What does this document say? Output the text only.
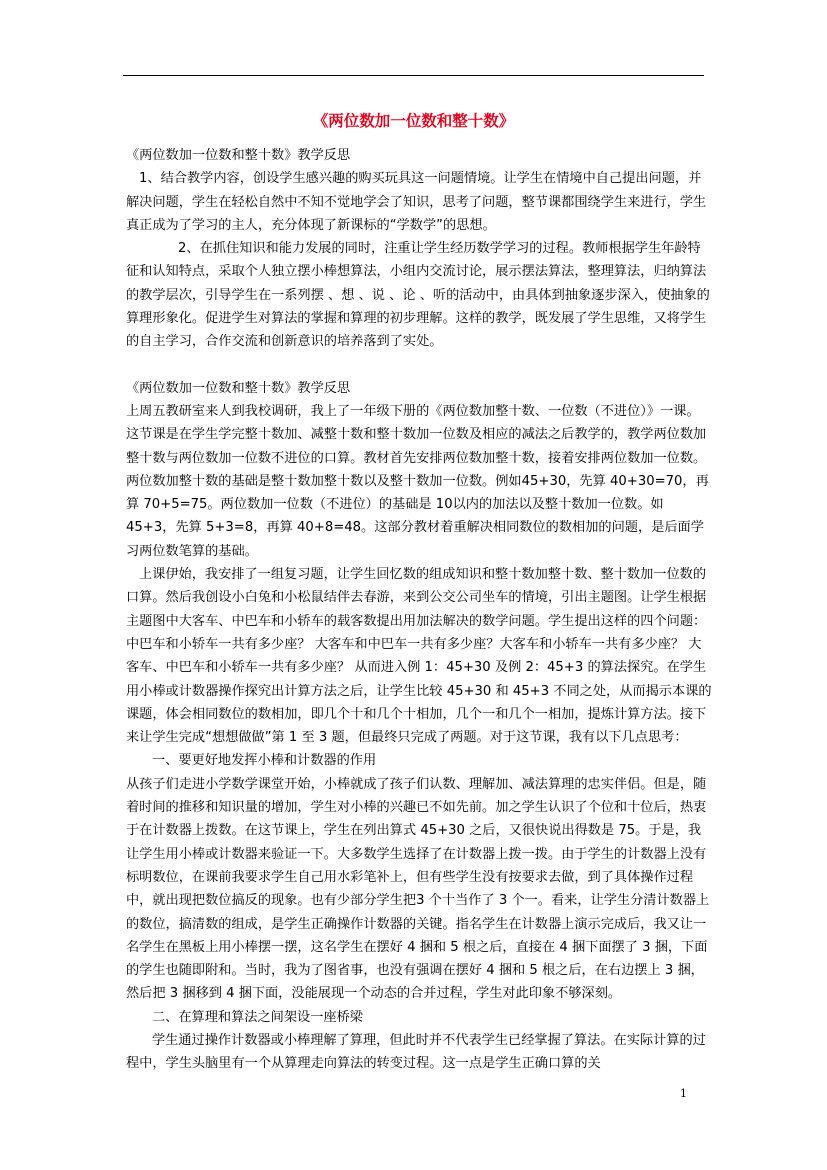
《两位数加一位数和整十数》

《两位数加一位数和整十数》教学反思

1、结合教学内容，创设学生感兴趣的购买玩具这一问题情境。让学生在情境中自己提出问题，并解决问题，学生在轻松自然中不知不觉地学会了知识，思考了问题，整节课都围绕学生来进行，学生真正成为了学习的主人，充分体现了新课标的“学数学”的思想。

2、在抓住知识和能力发展的同时，注重让学生经历数学学习的过程。教师根据学生年龄特征和认知特点，采取个人独立摆小棒想算法，小组内交流讨论，展示摆法算法，整理算法，归纳算法的教学层次，引导学生在一系列摆 、想 、说 、论 、听的活动中，由具体到抽象逐步深入，使抽象的算理形象化。促进学生对算法的掌握和算理的初步理解。这样的教学，既发展了学生思维，又将学生的自主学习，合作交流和创新意识的培养落到了实处。

《两位数加一位数和整十数》教学反思

上周五教研室来人到我校调研，我上了一年级下册的《两位数加整十数、一位数（不进位）》一课。这节课是在学生学完整十数加、减整十数和整十数加一位数及相应的减法之后教学的，教学两位数加整十数与两位数加一位数不进位的口算。教材首先安排两位数加整十数，接着安排两位数加一位数。两位数加整十数的基础是整十数加整十数以及整十数加一位数。例如45+30，先算 40+30=70，再算 70+5=75。两位数加一位数（不进位）的基础是 10以内的加法以及整十数加一位数。如 45+3，先算 5+3=8，再算 40+8=48。这部分教材着重解决相同数位的数相加的问题，是后面学习两位数笔算的基础。

上课伊始，我安排了一组复习题，让学生回忆数的组成知识和整十数加整十数、整十数加一位数的口算。然后我创设小白兔和小松鼠结伴去春游，来到公交公司坐车的情境，引出主题图。让学生根据主题图中大客车、中巴车和小轿车的载客数提出用加法解决的数学问题。学生提出这样的四个问题：中巴车和小轿车一共有多少座？ 大客车和中巴车一共有多少座？大客车和小轿车一共有多少座？ 大客车、中巴车和小轿车一共有多少座？ 从而进入例 1：45+30 及例 2：45+3 的算法探究。在学生用小棒或计数器操作探究出计算方法之后，让学生比较 45+30 和 45+3 不同之处，从而揭示本课的课题，体会相同数位的数相加，即几个十和几个十相加，几个一和几个一相加，提炼计算方法。接下来让学生完成“想想做做”第 1 至 3 题，但最终只完成了两题。对于这节课，我有以下几点思考：

一、要更好地发挥小棒和计数器的作用

从孩子们走进小学数学课堂开始，小棒就成了孩子们认数、理解加、减法算理的忠实伴侣。但是，随着时间的推移和知识量的增加，学生对小棒的兴趣已不如先前。加之学生认识了个位和十位后，热衷于在计数器上拨数。在这节课上，学生在列出算式 45+30 之后，又很快说出得数是 75。于是，我让学生用小棒或计数器来验证一下。大多数学生选择了在计数器上拨一拨。由于学生的计数器上没有标明数位，在课前我要求学生自己用水彩笔补上，但有些学生没有按要求去做，到了具体操作过程中，就出现把数位搞反的现象。也有少部分学生把3 个十当作了 3 个一。看来，让学生分清计数器上的数位，搞清数的组成，是学生正确操作计数器的关键。指名学生在计数器上演示完成后，我又让一名学生在黑板上用小棒摆一摆，这名学生在摆好 4 捆和 5 根之后，直接在 4 捆下面摆了 3 捆，下面的学生也随即附和。当时，我为了图省事，也没有强调在摆好 4 捆和 5 根之后，在右边摆上 3 捆，然后把 3 捆移到 4 捆下面，没能展现一个动态的合并过程，学生对此印象不够深刻。

二、在算理和算法之间架设一座桥梁

学生通过操作计数器或小棒理解了算理，但此时并不代表学生已经掌握了算法。在实际计算的过程中，学生头脑里有一个从算理走向算法的转变过程。这一点是学生正确口算的关

1
